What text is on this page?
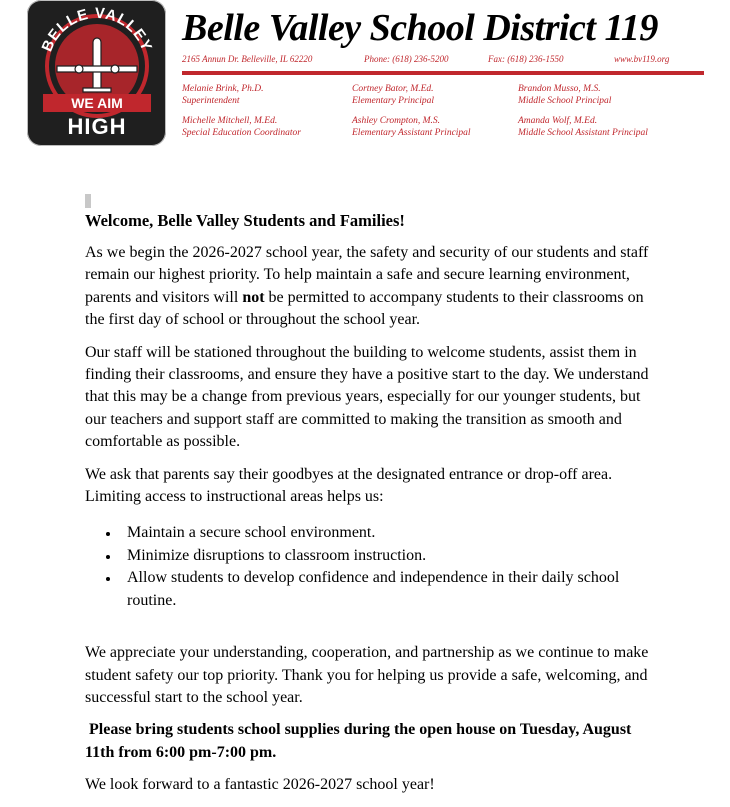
BELLE VALLEY
WE AIM
HIGH
Belle Valley School District 119
2165 Annun Dr. Belleville, IL 62220	Phone: (618) 236-5200	Fax: (618) 236-1550	www.bv119.org
Melanie Brink, Ph.D.
Superintendent
Cortney Bator, M.Ed.
Elementary Principal
Brandon Musso, M.S.
Middle School Principal
Michelle Mitchell, M.Ed.
Special Education Coordinator
Ashley Crompton, M.S.
Elementary Assistant Principal
Amanda Wolf, M.Ed.
Middle School Assistant Principal
Welcome, Belle Valley Students and Families!

As we begin the 2026-2027 school year, the safety and security of our students and staff remain our highest priority. To help maintain a safe and secure learning environment, parents and visitors will not be permitted to accompany students to their classrooms on the first day of school or throughout the school year.

Our staff will be stationed throughout the building to welcome students, assist them in finding their classrooms, and ensure they have a positive start to the day. We understand that this may be a change from previous years, especially for our younger students, but our teachers and support staff are committed to making the transition as smooth and comfortable as possible.

We ask that parents say their goodbyes at the designated entrance or drop-off area. Limiting access to instructional areas helps us:

Maintain a secure school environment.
Minimize disruptions to classroom instruction.
Allow students to develop confidence and independence in their daily school routine.

We appreciate your understanding, cooperation, and partnership as we continue to make student safety our top priority. Thank you for helping us provide a safe, welcoming, and successful start to the school year.

Please bring students school supplies during the open house on Tuesday, August 11th from 6:00 pm-7:00 pm.

We look forward to a fantastic 2026-2027 school year!
